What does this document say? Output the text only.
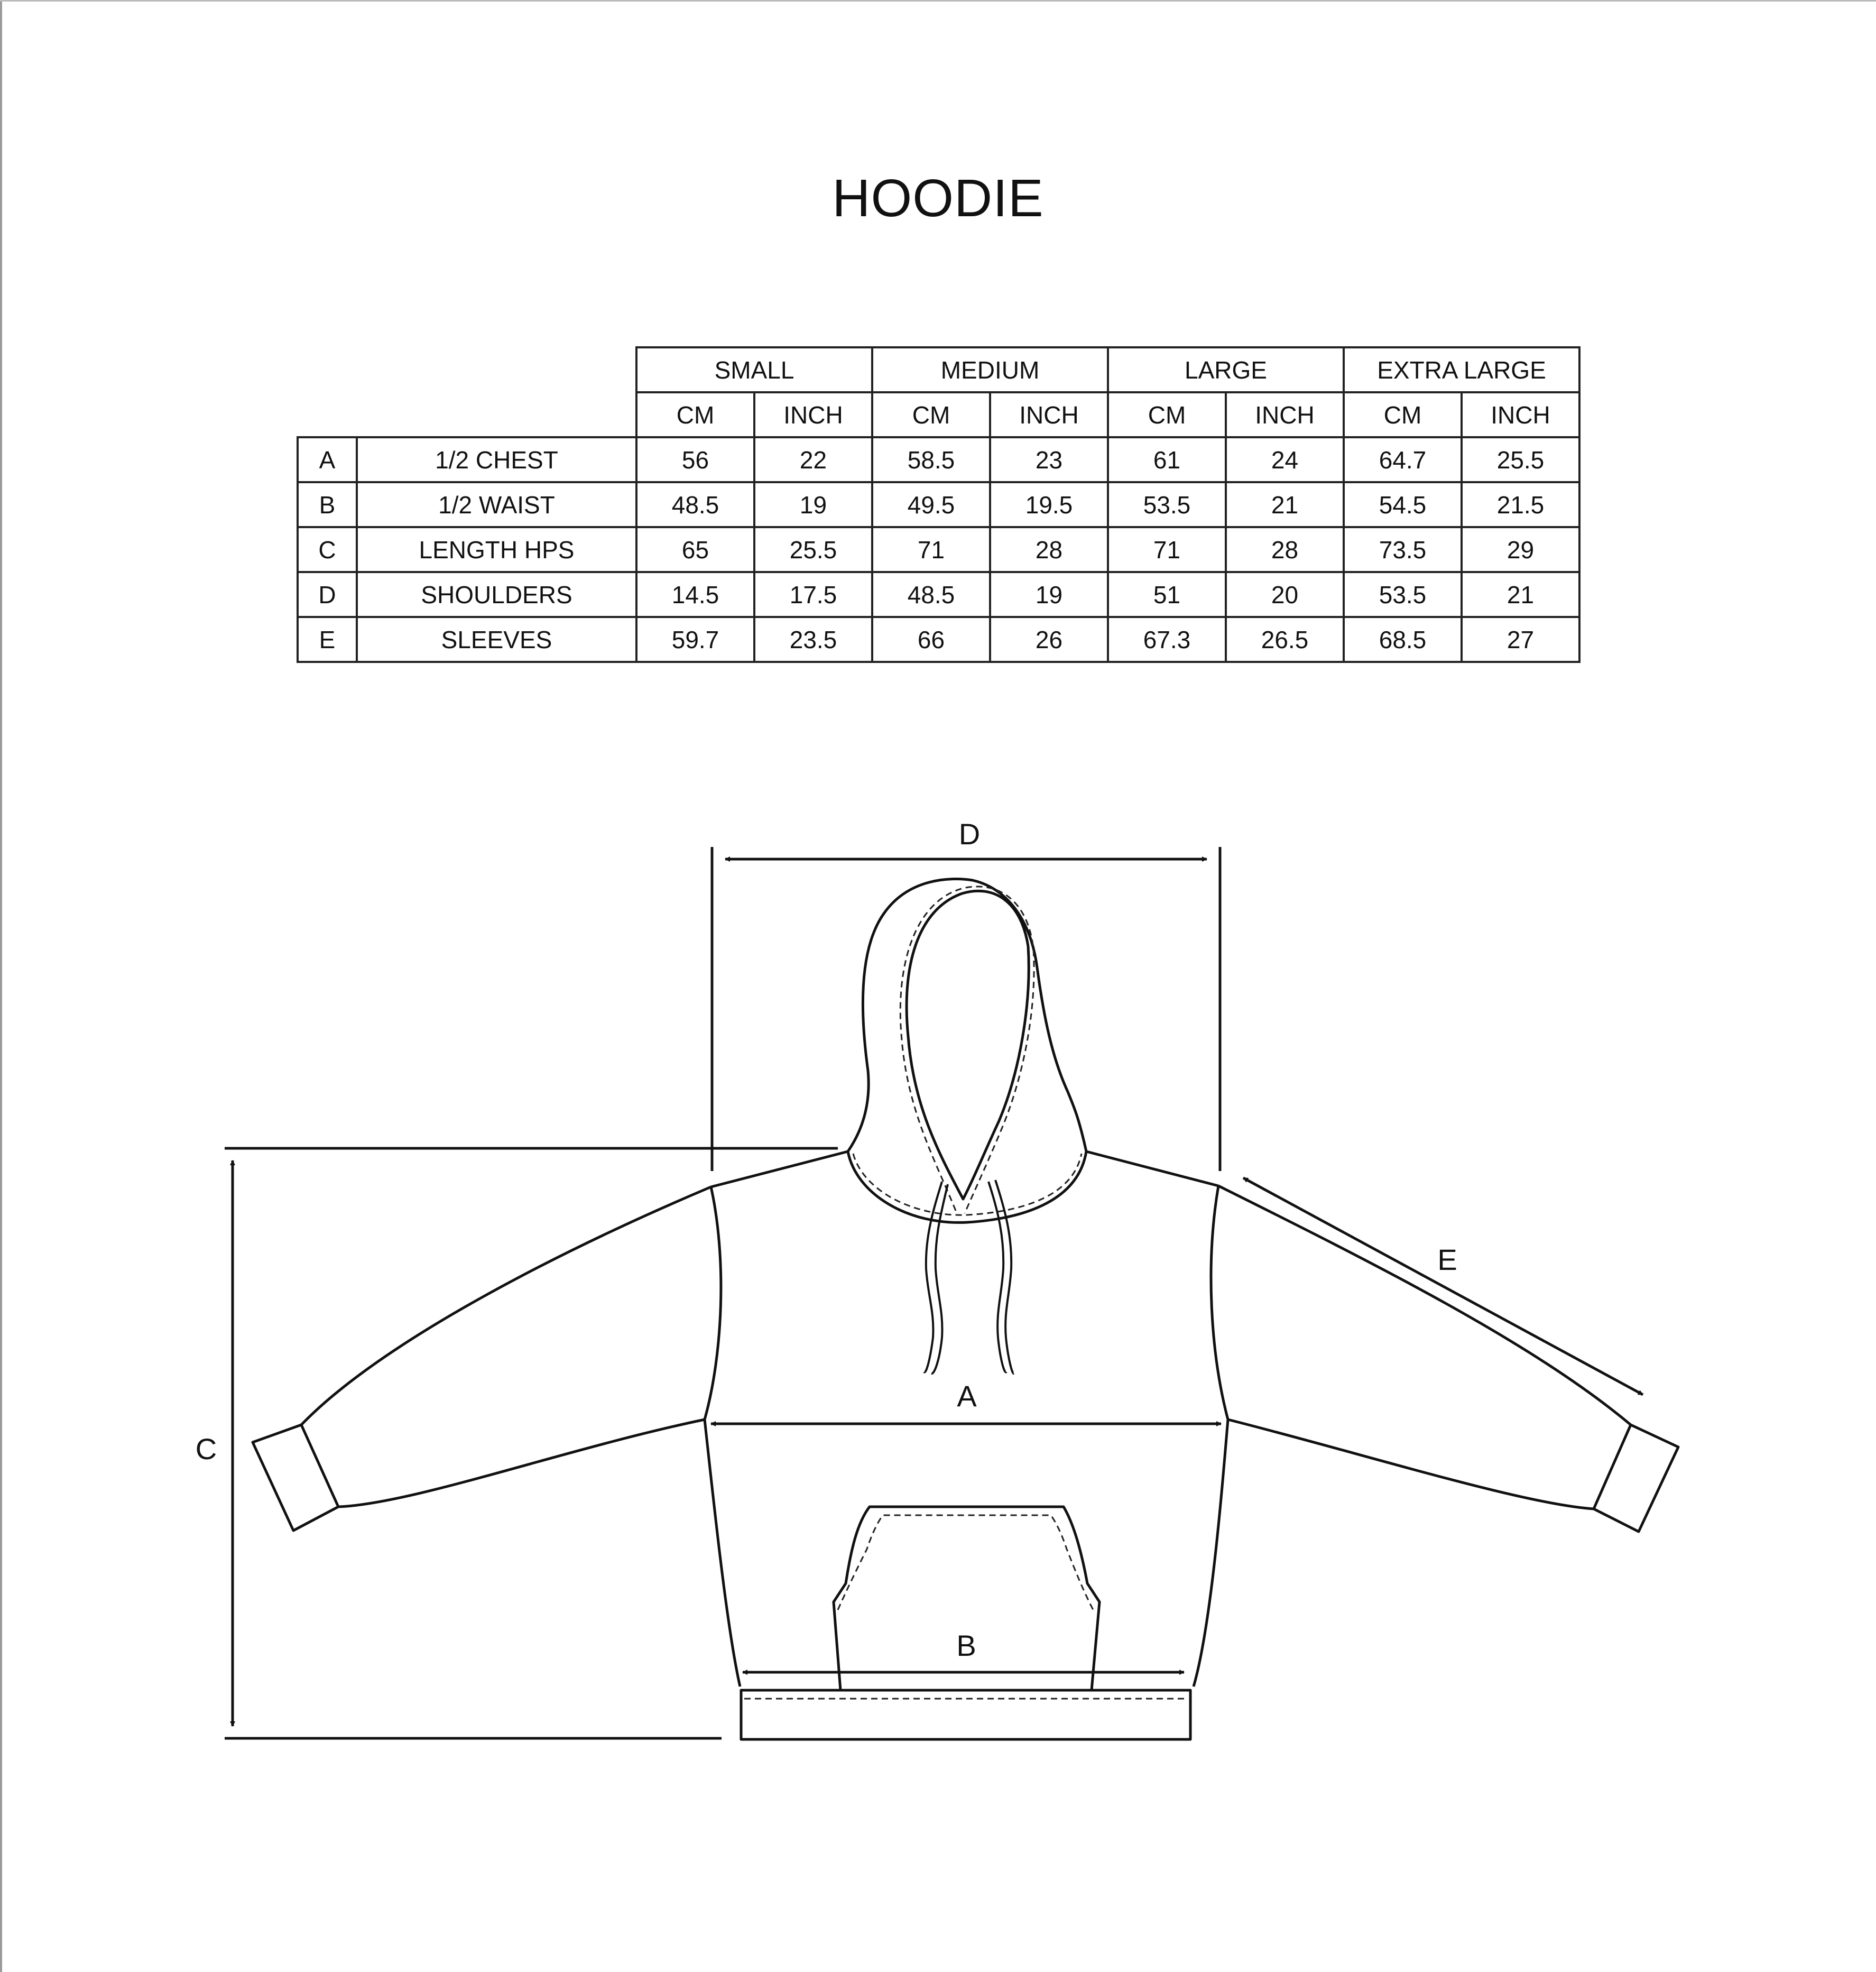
HOODIE
		SMALL		MEDIUM		LARGE		EXTRA LARGE	
		CM	INCH	CM	INCH	CM	INCH	CM	INCH
A	1/2 CHEST	56	22	58.5	23	61	24	64.7	25.5
B	1/2 WAIST	48.5	19	49.5	19.5	53.5	21	54.5	21.5
C	LENGTH HPS	65	25.5	71	28	71	28	73.5	29
D	SHOULDERS	14.5	17.5	48.5	19	51	20	53.5	21
E	SLEEVES	59.7	23.5	66	26	67.3	26.5	68.5	27
D
C
A
B
E
